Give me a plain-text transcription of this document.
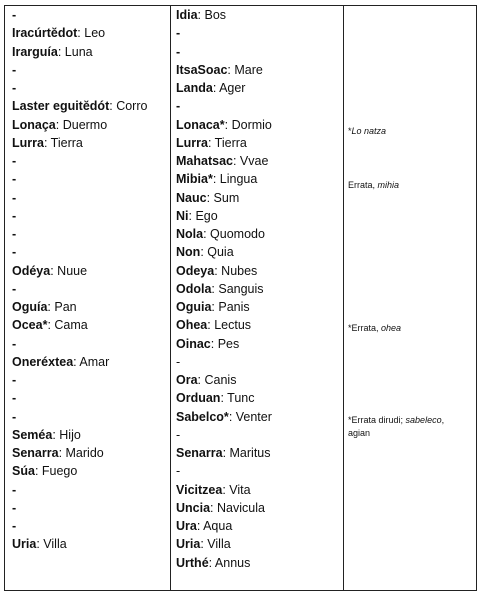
-
Iracúrtĕdot: Leo
Irarguía: Luna
-
-
Laster eguitĕdót: Corro
Lonaça: Duermo
Lurra: Tierra
-
-
-
-
-
-
Odéya: Nuue
-
Oguía: Pan
Ocea*: Cama
-
Oneréxtea: Amar
-
-
-
Seméa: Hijo
Senarra: Marido
Súa: Fuego
-
-
-
Uria: Villa
Idia: Bos
-
-
ItsaSoac: Mare
Landa: Ager
-
Lonaca*: Dormio
Lurra: Tierra
Mahatsac: Vvae
Mibia*: Lingua
Nauc: Sum
Ni: Ego
Nola: Quomodo
Non: Quia
Odeya: Nubes
Odola: Sanguis
Oguia: Panis
Ohea: Lectus
Oinac: Pes
-
Ora: Canis
Orduan: Tunc
Sabelco*: Venter
-
Senarra: Maritus
-
Vicitzea: Vita
Uncia: Navicula
Ura: Aqua
Uria: Villa
Urthé: Annus
*Lo natza
Errata, mihia
*Errata, ohea
*Errata dirudi; sabeleco,
agian
